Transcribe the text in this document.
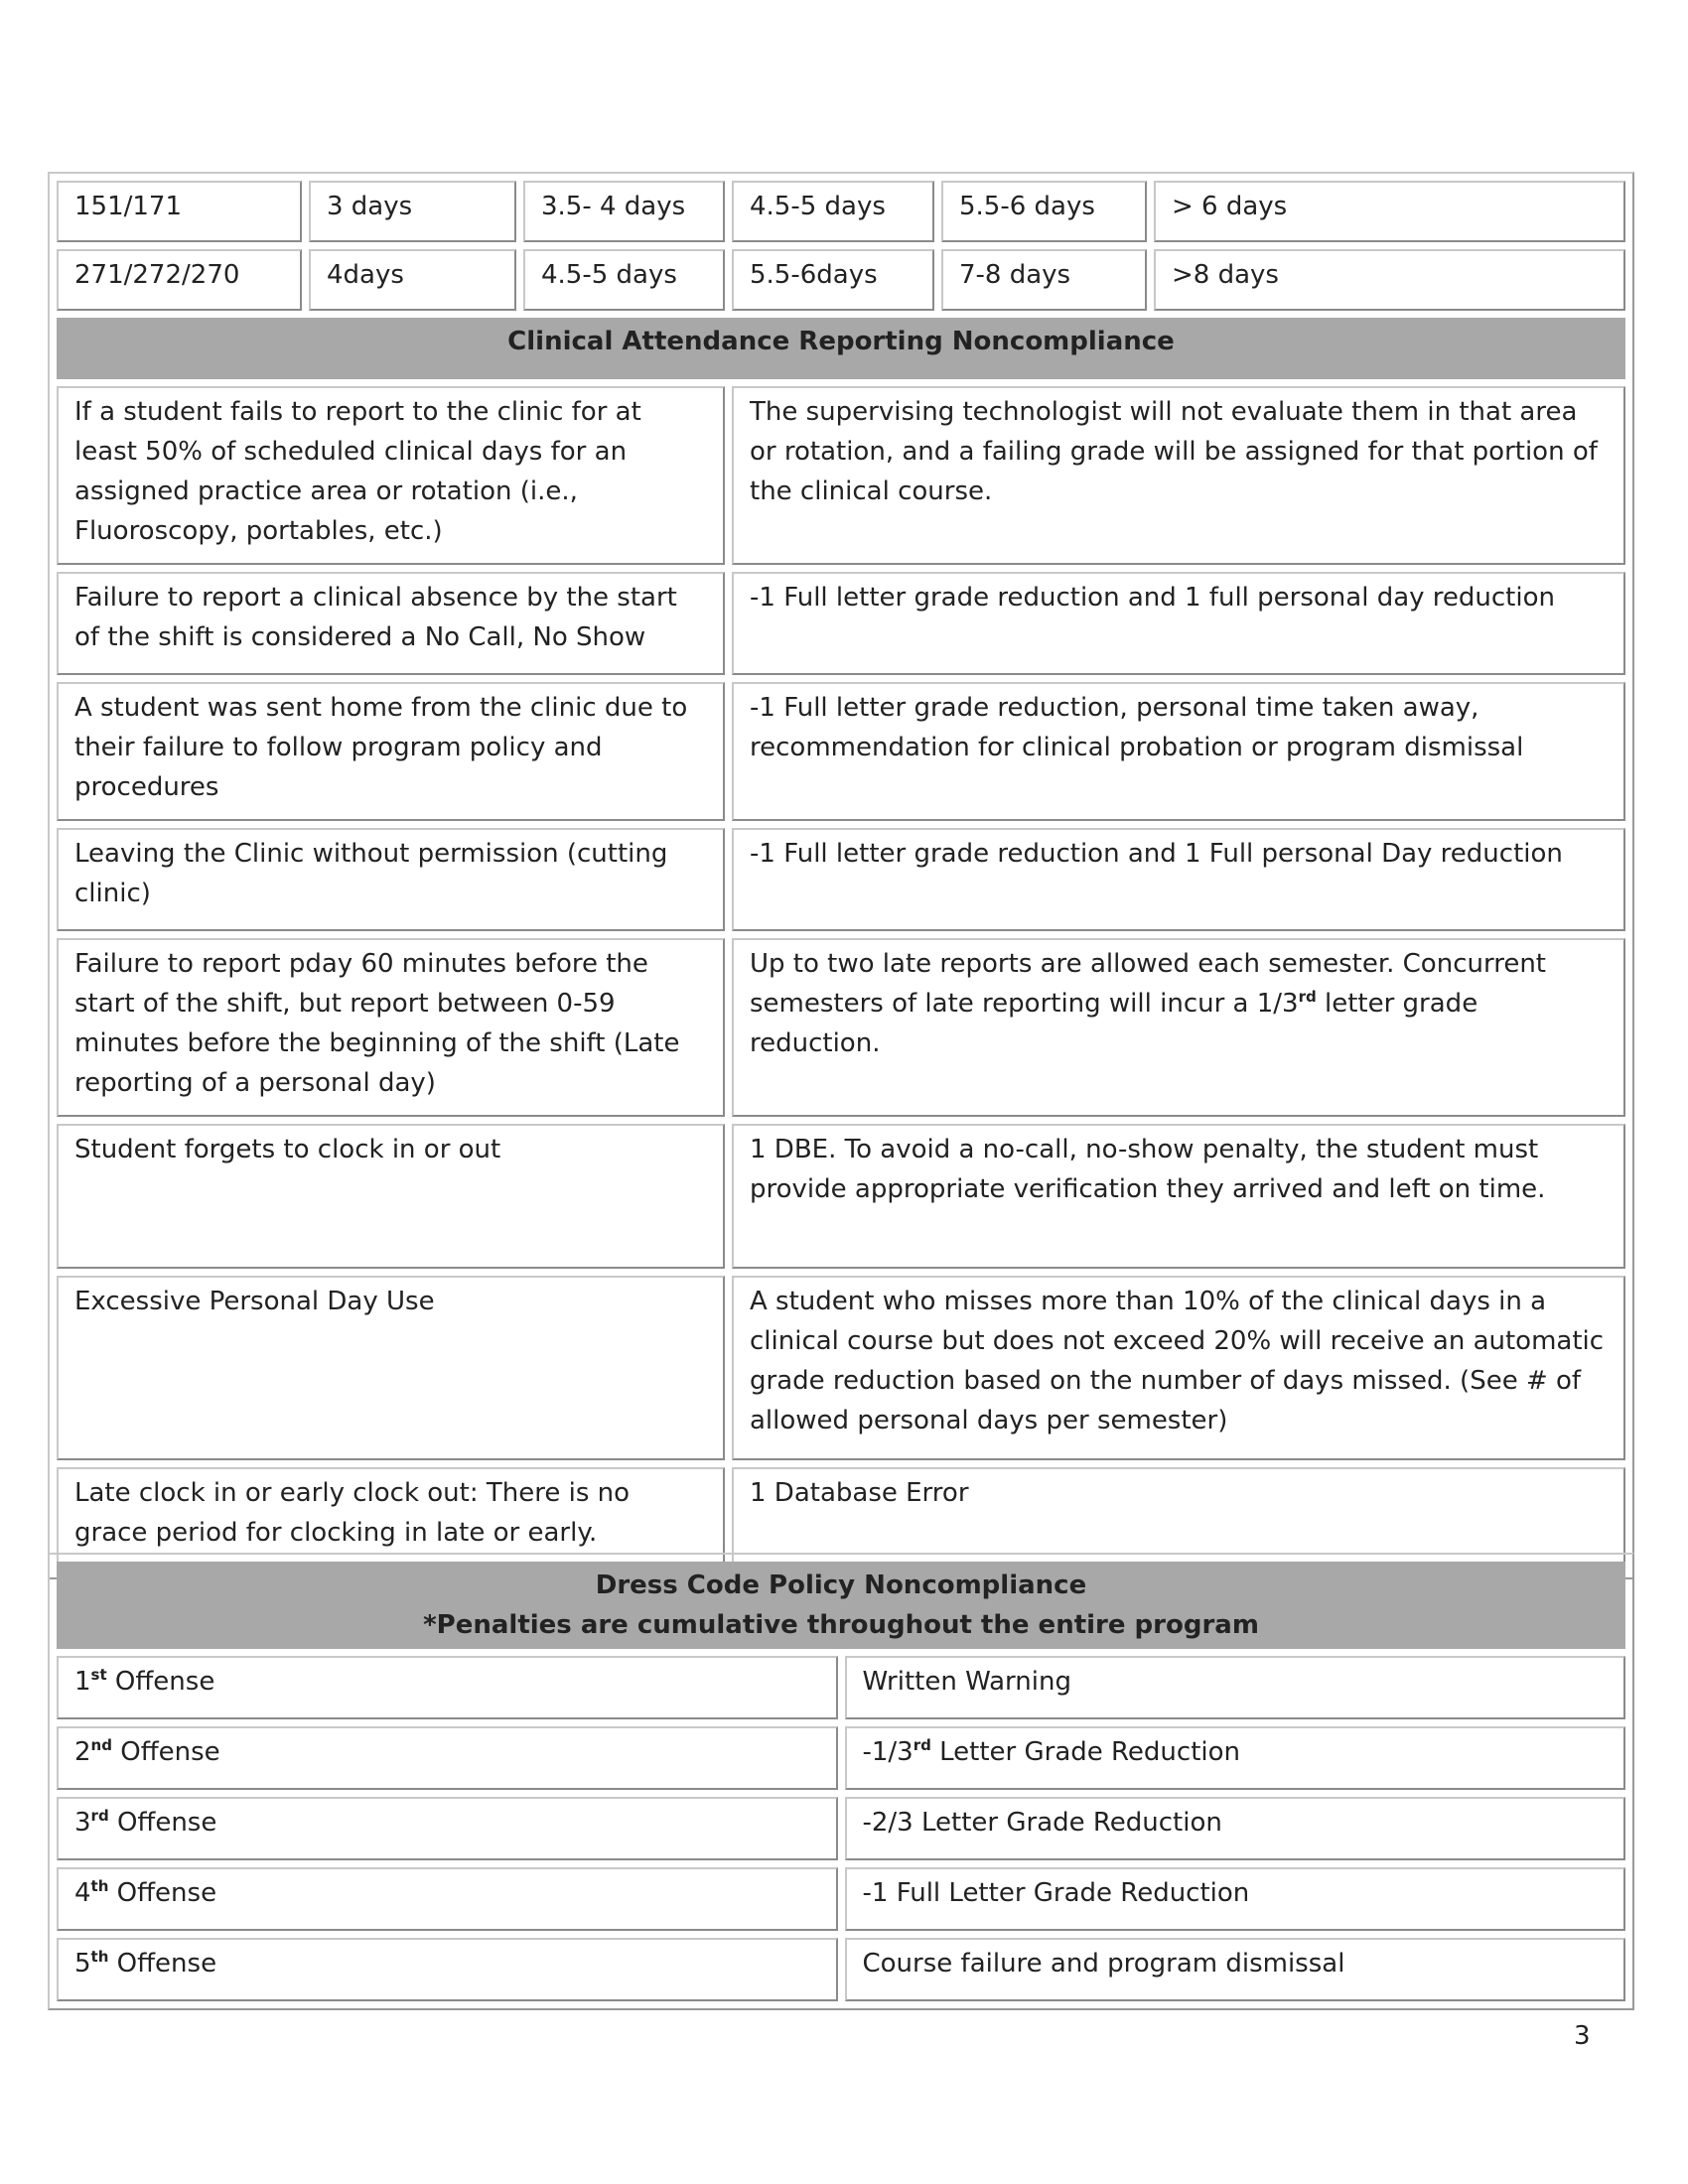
151/171	3 days	3.5- 4 days	4.5-5 days	5.5-6 days	> 6 days
271/272/270	4days	4.5-5 days	5.5-6days	7-8 days	>8 days
Clinical Attendance Reporting Noncompliance					
If a student fails to report to the clinic for at least 50% of scheduled clinical days for an assigned practice area or rotation (i.e., Fluoroscopy, portables, etc.)			The supervising technologist will not evaluate them in that area or rotation, and a failing grade will be assigned for that portion of the clinical course.		
Failure to report a clinical absence by the start of the shift is considered a No Call, No Show			-1 Full letter grade reduction and 1 full personal day reduction		
A student was sent home from the clinic due to their failure to follow program policy and procedures			-1 Full letter grade reduction, personal time taken away, recommendation for clinical probation or program dismissal		
Leaving the Clinic without permission (cutting clinic)			-1 Full letter grade reduction and 1 Full personal Day reduction		
Failure to report pday 60 minutes before the start of the shift, but report between 0-59 minutes before the beginning of the shift (Late reporting of a personal day)			Up to two late reports are allowed each semester. Concurrent semesters of late reporting will incur a 1/3rd letter grade reduction.		
Student forgets to clock in or out			1 DBE. To avoid a no-call, no-show penalty, the student must provide appropriate verification they arrived and left on time.		
Excessive Personal Day Use			A student who misses more than 10% of the clinical days in a clinical course but does not exceed 20% will receive an automatic grade reduction based on the number of days missed. (See # of allowed personal days per semester)		
Late clock in or early clock out: There is no grace period for clocking in late or early.			1 Database Error		
Dress Code Policy Noncompliance
*Penalties are cumulative throughout the entire program	

1st Offense	Written Warning
2nd Offense	-1/3rd Letter Grade Reduction
3rd Offense	-2/3 Letter Grade Reduction
4th Offense	-1 Full Letter Grade Reduction
5th Offense	Course failure and program dismissal
3
